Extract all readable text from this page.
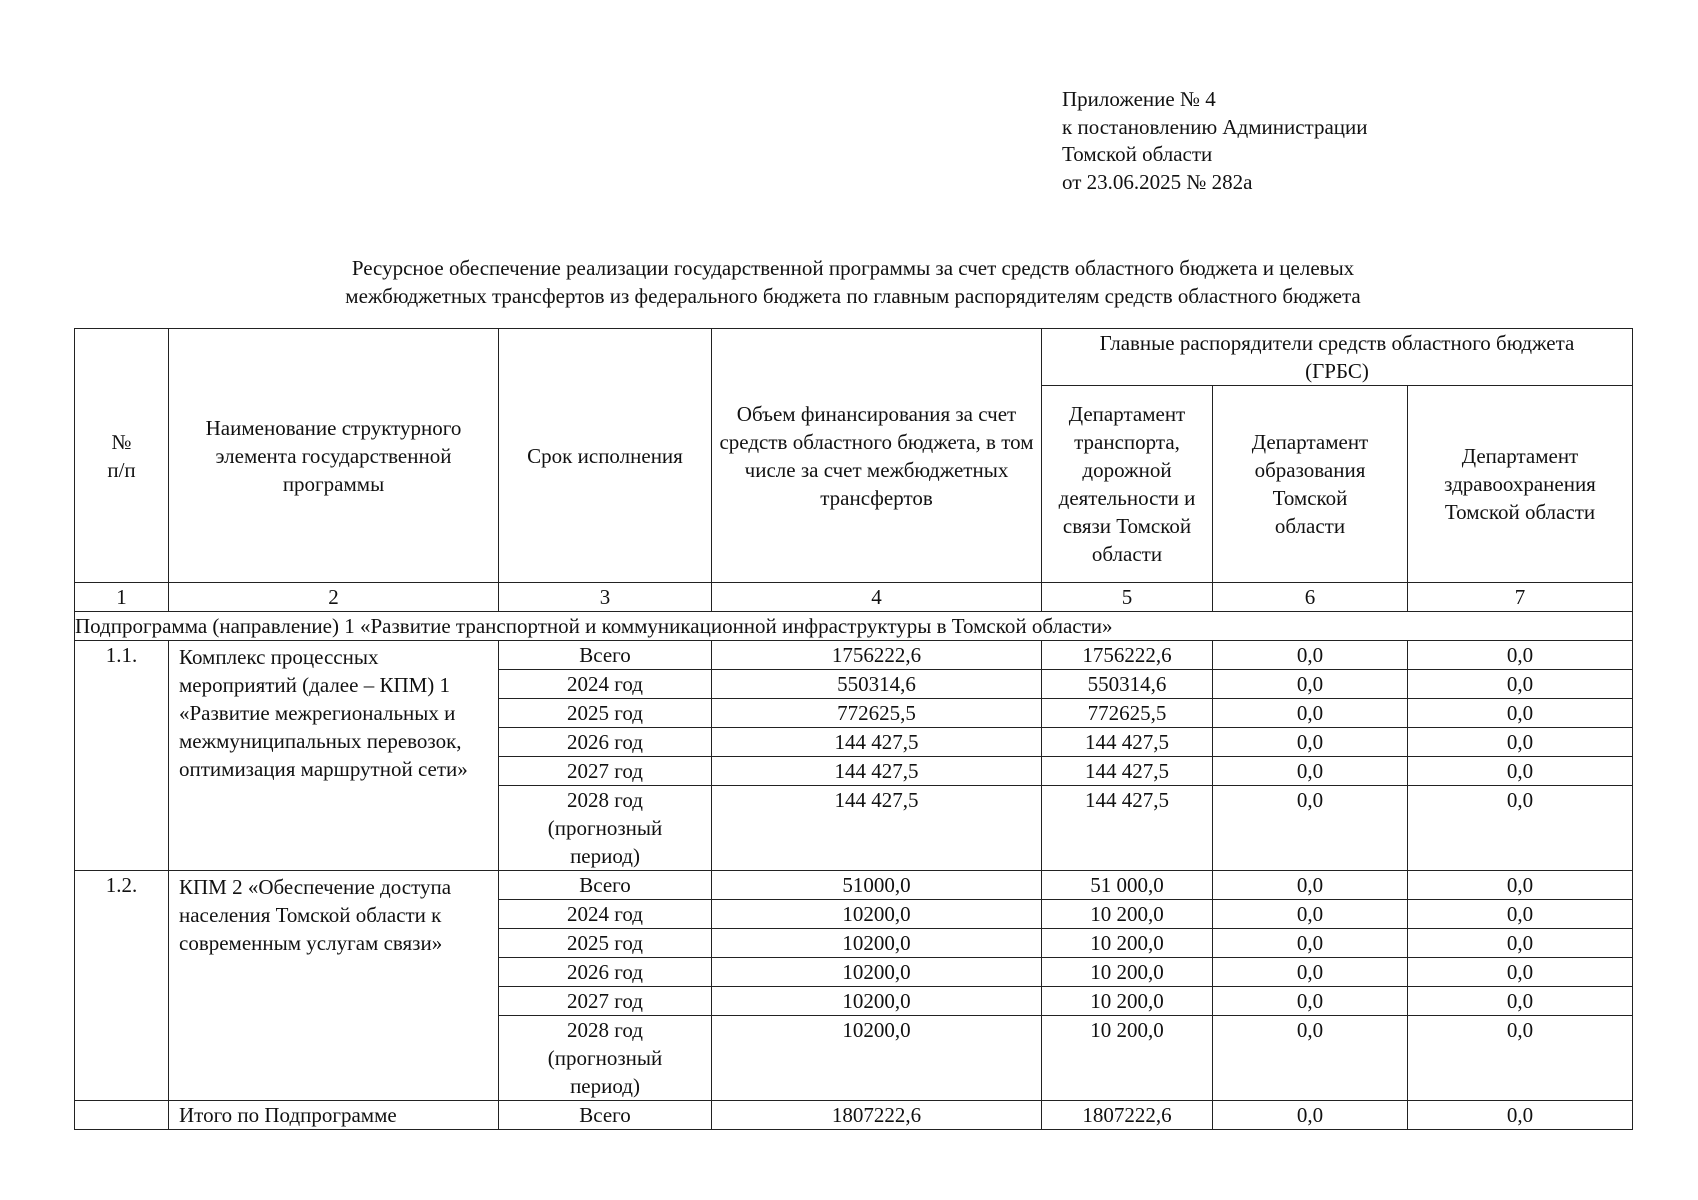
Приложение № 4
к постановлению Администрации
Томской области
от 23.06.2025 № 282а
Ресурсное обеспечение реализации государственной программы за счет средств областного бюджета и целевых
межбюджетных трансфертов из федерального бюджета по главным распорядителям средств областного бюджета
№ п/п	Наименование структурного элемента государственной программы	Срок исполнения	Объем финансирования за счет средств областного бюджета, в том числе за счет межбюджетных трансфертов	Главные распорядители средств областного бюджета (ГРБС)		

				Департамент транспорта, дорожной деятельности и связи Томской области	Департамент образования Томской области	Департамент здравоохранения Томской области

1	2	3	4	5	6	7
Подпрограмма (направление) 1 «Развитие транспортной и коммуникационной инфраструктуры в Томской области»						
1.1.	Комплекс процессных мероприятий (далее – КПМ) 1 «Развитие межрегиональных и межмуниципальных перевозок, оптимизация маршрутной сети»	Всего	1756222,6	1756222,6	0,0	0,0
		2024 год	550314,6	550314,6	0,0	0,0
		2025 год	772625,5	772625,5	0,0	0,0
		2026 год	144 427,5	144 427,5	0,0	0,0
		2027 год	144 427,5	144 427,5	0,0	0,0

		2028 год (прогнозный период)	144 427,5	144 427,5	0,0	0,0
1.2.	КПМ 2 «Обеспечение доступа населения Томской области к современным услугам связи»	Всего	51000,0	51 000,0	0,0	0,0
		2024 год	10200,0	10 200,0	0,0	0,0
		2025 год	10200,0	10 200,0	0,0	0,0
		2026 год	10200,0	10 200,0	0,0	0,0
		2027 год	10200,0	10 200,0	0,0	0,0

		2028 год (прогнозный период)	10200,0	10 200,0	0,0	0,0
	Итого по Подпрограмме	Всего	1807222,6	1807222,6	0,0	0,0
